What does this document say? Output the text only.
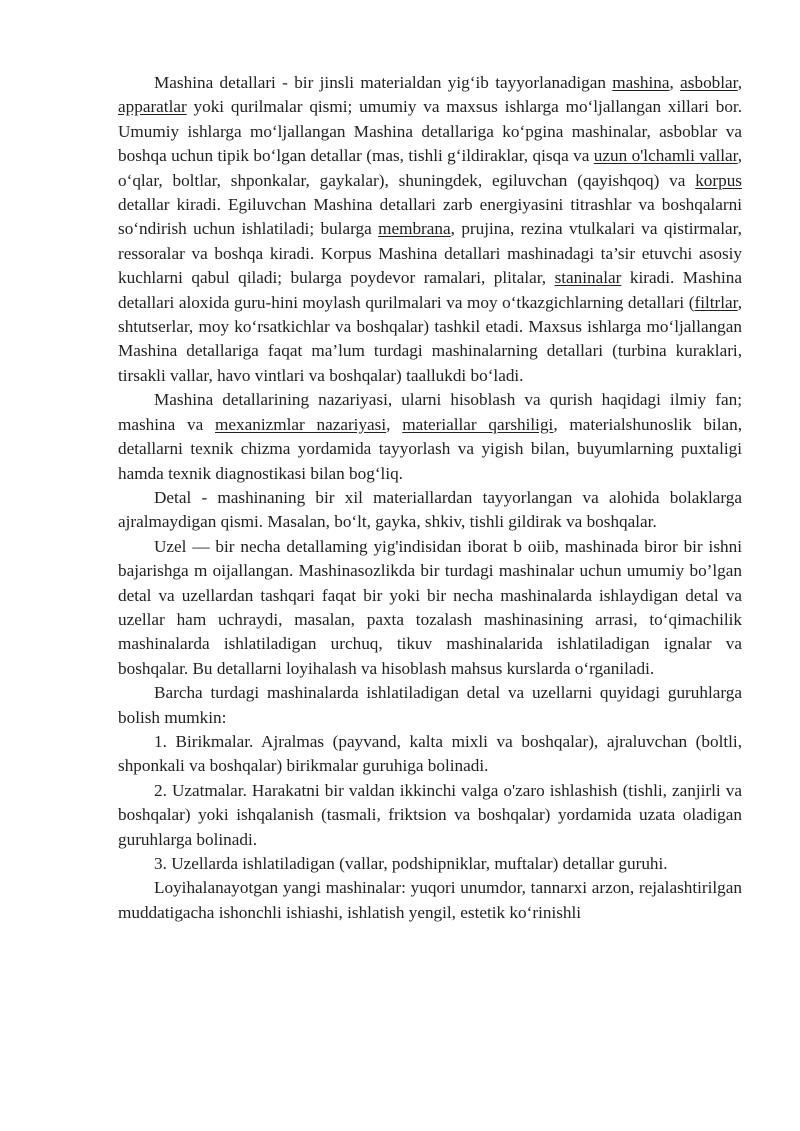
Mashina detallari - bir jinsli materialdan yig‘ib tayyorlanadigan mashina, asboblar, apparatlar yoki qurilmalar qismi; umumiy va maxsus ishlarga mo‘ljallangan xillari bor. Umumiy ishlarga mo‘ljallangan Mashina detallariga ko‘pgina mashinalar, asboblar va boshqa uchun tipik bo‘lgan detallar (mas, tishli g‘ildiraklar, qisqa va uzun o'lchamli vallar, o‘qlar, boltlar, shponkalar, gaykalar), shuningdek, egiluvchan (qayishqoq) va korpus detallar kiradi. Egiluvchan Mashina detallari zarb energiyasini titrashlar va boshqalarni so‘ndirish uchun ishlatiladi; bularga membrana, prujina, rezina vtulkalari va qistirmalar, ressoralar va boshqa kiradi. Korpus Mashina detallari mashinadagi ta’sir etuvchi asosiy kuchlarni qabul qiladi; bularga poydevor ramalari, plitalar, staninalar kiradi. Mashina detallari aloxida guru-hini moylash qurilmalari va moy o‘tkazgichlarning detallari (filtrlar, shtutserlar, moy ko‘rsatkichlar va boshqalar) tashkil etadi. Maxsus ishlarga mo‘ljallangan Mashina detallariga faqat ma’lum turdagi mashinalarning detallari (turbina kuraklari, tirsakli vallar, havo vintlari va boshqalar) taallukdi bo‘ladi.

Mashina detallarining nazariyasi, ularni hisoblash va qurish haqidagi ilmiy fan; mashina va mexanizmlar nazariyasi, materiallar qarshiligi, materialshunoslik bilan, detallarni texnik chizma yordamida tayyorlash va yigish bilan, buyumlarning puxtaligi hamda texnik diagnostikasi bilan bog‘liq.

Detal - mashinaning bir xil materiallardan tayyorlangan va alohida bolaklarga ajralmaydigan qismi. Masalan, bo‘lt, gayka, shkiv, tishli gildirak va boshqalar.

Uzel — bir necha detallaming yig'indisidan iborat b oiib, mashinada biror bir ishni bajarishga m oijallangan. Mashinasozlikda bir turdagi mashinalar uchun umumiy bo’lgan detal va uzellardan tashqari faqat bir yoki bir necha mashinalarda ishlaydigan detal va uzellar ham uchraydi, masalan, paxta tozalash mashinasining arrasi, to‘qimachilik mashinalarda ishlatiladigan urchuq, tikuv mashinalarida ishlatiladigan ignalar va boshqalar. Bu detallarni loyihalash va hisoblash mahsus kurslarda o‘rganiladi.

Barcha turdagi mashinalarda ishlatiladigan detal va uzellarni quyidagi guruhlarga bolish mumkin:

1. Birikmalar. Ajralmas (payvand, kalta mixli va boshqalar), ajraluvchan (boltli, shponkali va boshqalar) birikmalar guruhiga bolinadi.

2. Uzatmalar. Harakatni bir valdan ikkinchi valga o'zaro ishlashish (tishli, zanjirli va boshqalar) yoki ishqalanish (tasmali, friktsion va boshqalar) yordamida uzata oladigan guruhlarga bolinadi.

3. Uzellarda ishlatiladigan (vallar, podshipniklar, muftalar) detallar guruhi.

Loyihalanayotgan yangi mashinalar: yuqori unumdor, tannarxi arzon, rejalashtirilgan muddatigacha ishonchli ishiashi, ishlatish yengil, estetik ko‘rinishli
